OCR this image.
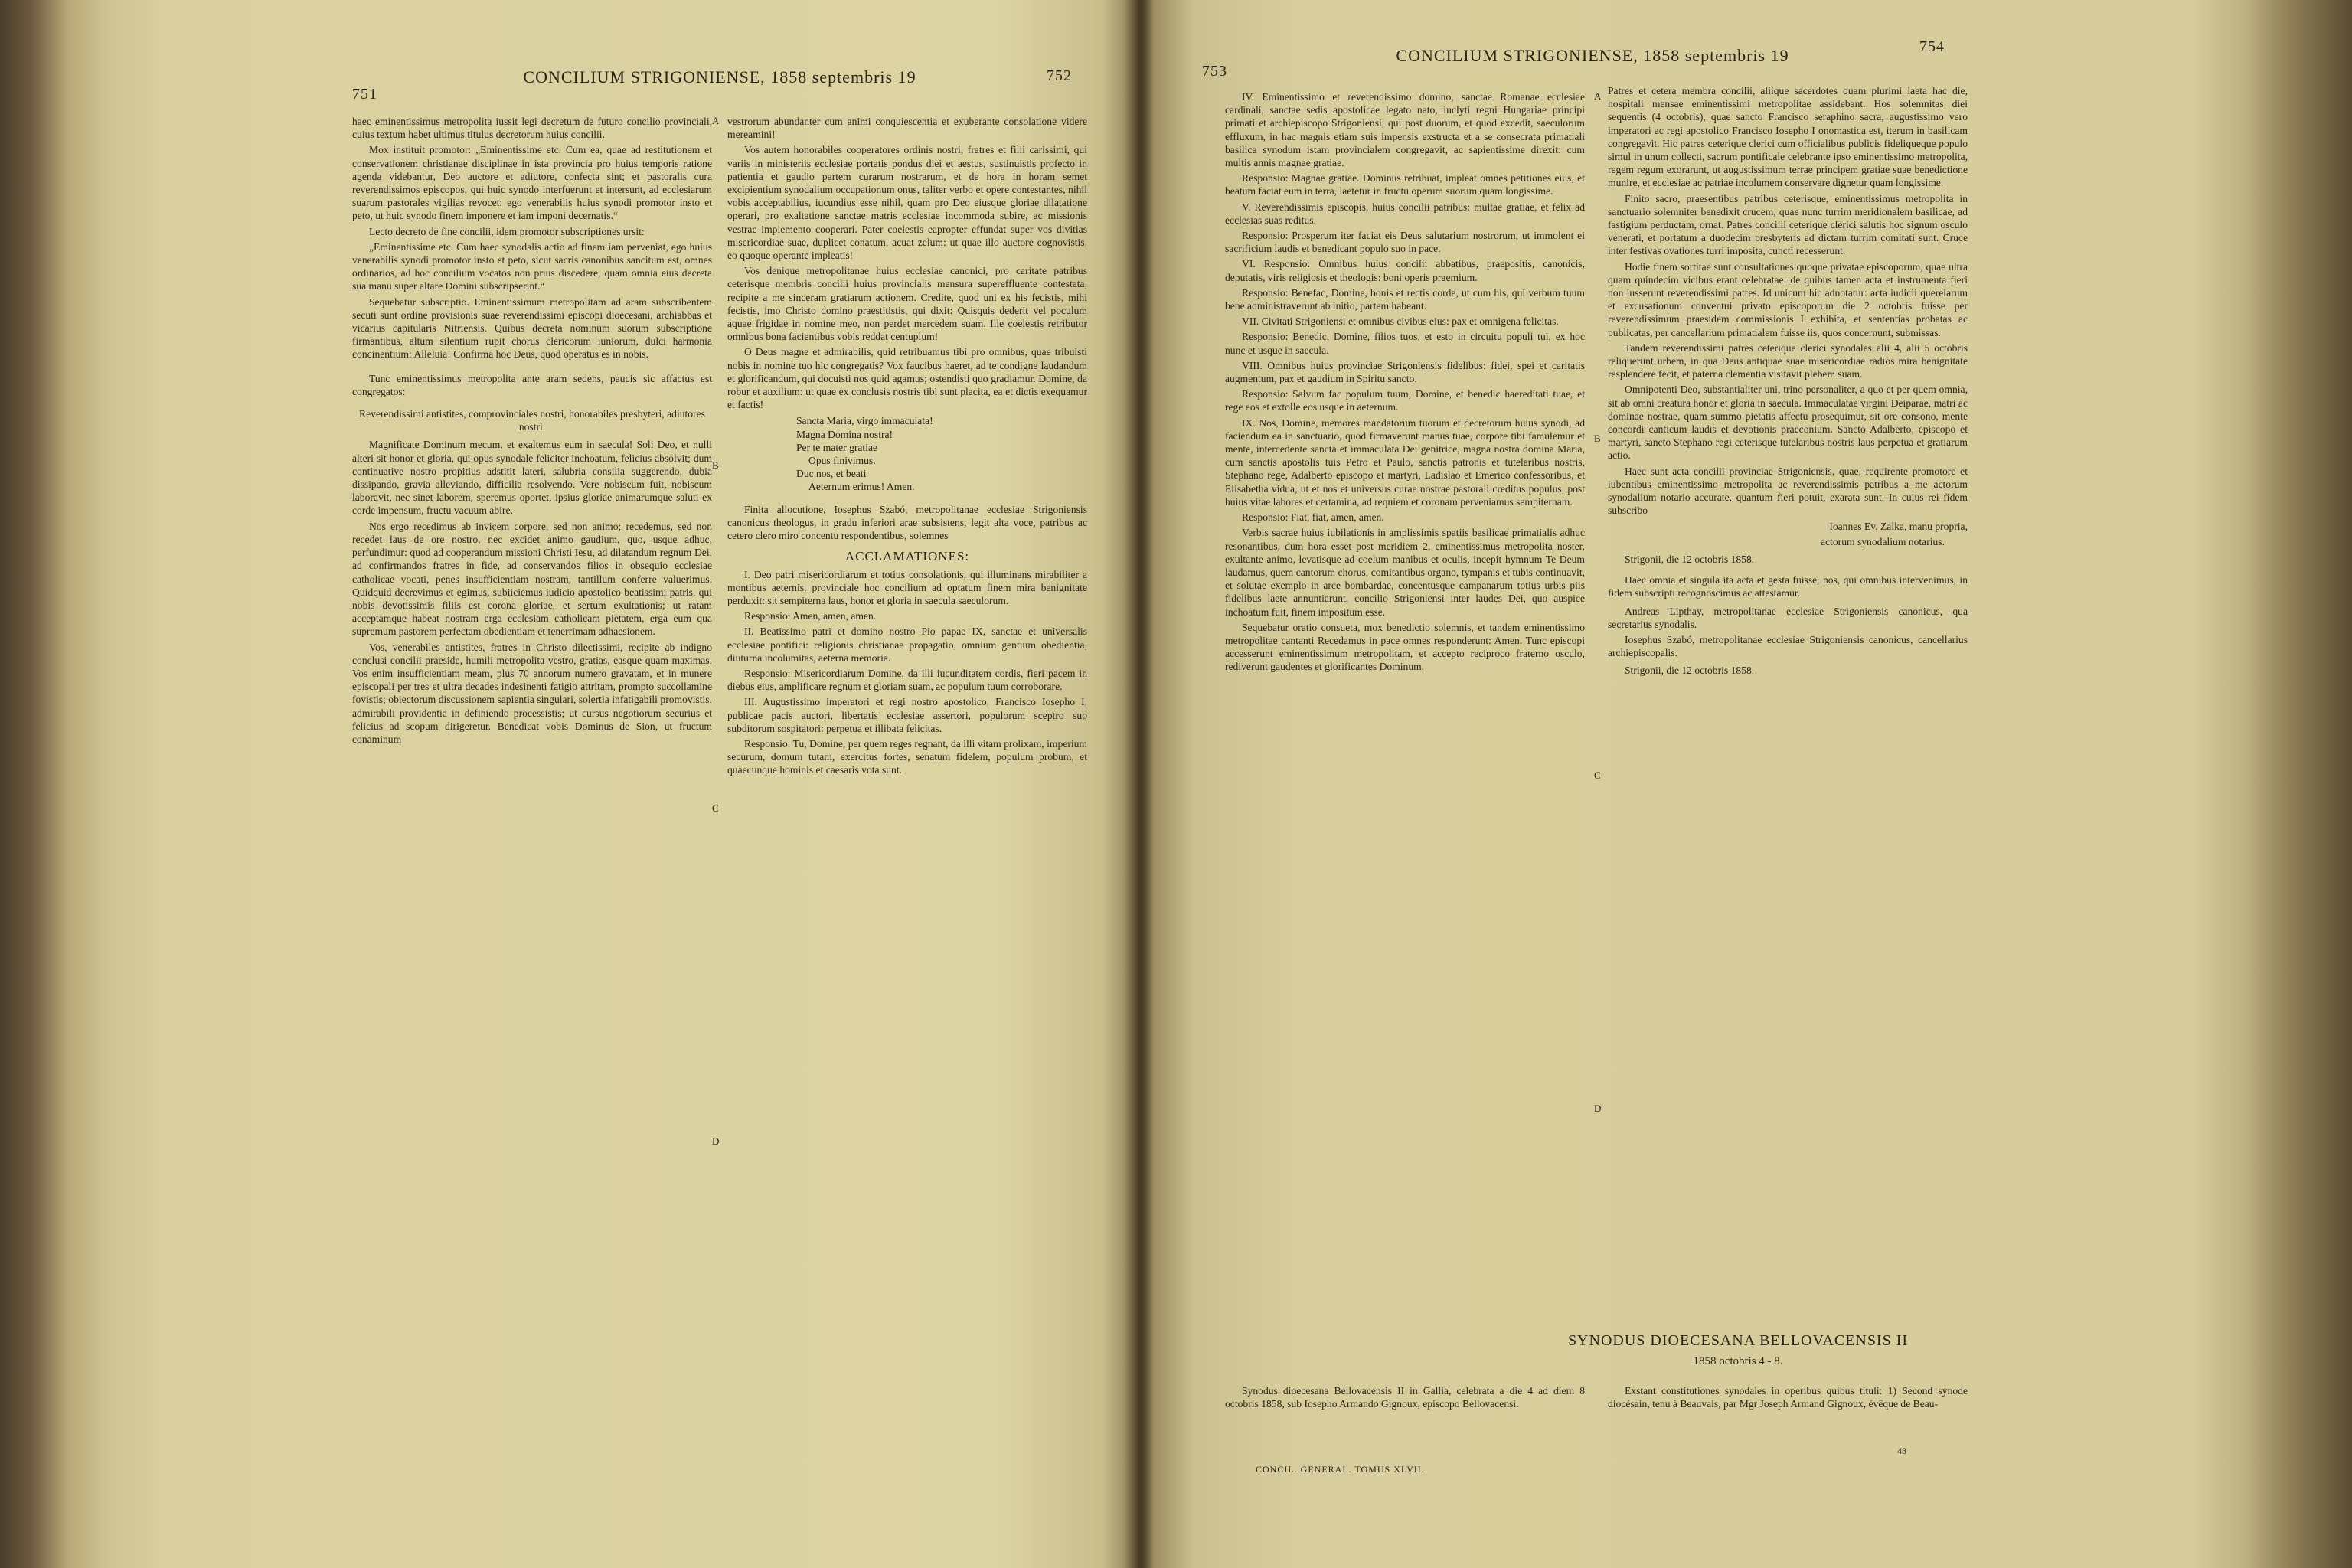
751
CONCILIUM STRIGONIENSE, 1858 septembris 19	752

haec eminentissimus metropolita iussit legi decretum de futuro concilio provinciali, cuius textum habet ultimus titulus decretorum huius concilii.

Mox instituit promotor: „Eminentissime etc. Cum ea, quae ad restitutionem et conservationem christianae disciplinae in ista provincia pro huius temporis ratione agenda videbantur, Deo auctore et adiutore, confecta sint; et pastoralis cura reverendissimos episcopos, qui huic synodo interfuerunt et intersunt, ad ecclesiarum suarum pastorales vigilias revocet: ego venerabilis huius synodi promotor insto et peto, ut huic synodo finem imponere et iam imponi decernatis.“

Lecto decreto de fine concilii, idem promotor subscriptiones ursit:

„Eminentissime etc. Cum haec synodalis actio ad finem iam perveniat, ego huius venerabilis synodi promotor insto et peto, sicut sacris canonibus sancitum est, omnes ordinarios, ad hoc concilium vocatos non prius discedere, quam omnia eius decreta sua manu super altare Domini subscripserint.“

Sequebatur subscriptio. Eminentissimum metropolitam ad aram subscribentem secuti sunt ordine provisionis suae reverendissimi episcopi dioecesani, archiabbas et vicarius capitularis Nitriensis. Quibus decreta nominum suorum subscriptione firmantibus, altum silentium rupit chorus clericorum iuniorum, dulci harmonia concinentium: Alleluia! Confirma hoc Deus, quod operatus es in nobis.

Tunc eminentissimus metropolita ante aram sedens, paucis sic affactus est congregatos:

Reverendissimi antistites, comprovinciales nostri, honorabiles presbyteri, adiutores nostri.

Magnificate Dominum mecum, et exaltemus eum in saecula! Soli Deo, et nulli alteri sit honor et gloria, qui opus synodale feliciter inchoatum, felicius absolvit; dum continuative nostro propitius adstitit lateri, salubria consilia suggerendo, dubia dissipando, gravia alleviando, difficilia resolvendo. Vere nobiscum fuit, nobiscum laboravit, nec sinet laborem, speremus oportet, ipsius gloriae animarumque saluti ex corde impensum, fructu vacuum abire.

Nos ergo recedimus ab invicem corpore, sed non animo; recedemus, sed non recedet laus de ore nostro, nec excidet animo gaudium, quo, usque adhuc, perfundimur: quod ad cooperandum missioni Christi Iesu, ad dilatandum regnum Dei, ad confirmandos fratres in fide, ad conservandos filios in obsequio ecclesiae catholicae vocati, penes insufficientiam nostram, tantillum conferre valuerimus. Quidquid decrevimus et egimus, subiiciemus iudicio apostolico beatissimi patris, qui nobis devotissimis filiis est corona gloriae, et sertum exultationis; ut ratam acceptamque habeat nostram erga ecclesiam catholicam pietatem, erga eum qua supremum pastorem perfectam obedientiam et tenerrimam adhaesionem.

Vos, venerabiles antistites, fratres in Christo dilectissimi, recipite ab indigno conclusi concilii praeside, humili metropolita vestro, gratias, easque quam maximas. Vos enim insufficientiam meam, plus 70 annorum numero gravatam, et in munere episcopali per tres et ultra decades indesinenti fatigio attritam, prompto succollamine fovistis; obiectorum discussionem sapientia singulari, solertia infatigabili promovistis, admirabili providentia in definiendo processistis; ut cursus negotiorum securius et felicius ad scopum dirigeretur. Benedicat vobis Dominus de Sion, ut fructum conaminum

vestrorum abundanter cum animi conquiescentia et exuberante consolatione videre mereamini!

Vos autem honorabiles cooperatores ordinis nostri, fratres et filii carissimi, qui variis in ministeriis ecclesiae portatis pondus diei et aestus, sustinuistis profecto in patientia et gaudio partem curarum nostrarum, et de hora in horam semet excipientium synodalium occupationum onus, taliter verbo et opere contestantes, nihil vobis acceptabilius, iucundius esse nihil, quam pro Deo eiusque gloriae dilatatione operari, pro exaltatione sanctae matris ecclesiae incommoda subire, ac missionis vestrae implemento cooperari. Pater coelestis eapropter effundat super vos divitias misericordiae suae, duplicet conatum, acuat zelum: ut quae illo auctore cognovistis, eo quoque operante impleatis!

Vos denique metropolitanae huius ecclesiae canonici, pro caritate patribus ceterisque membris concilii huius provincialis mensura supereffluente contestata, recipite a me sinceram gratiarum actionem. Credite, quod uni ex his fecistis, mihi fecistis, imo Christo domino praestitistis, qui dixit: Quisquis dederit vel poculum aquae frigidae in nomine meo, non perdet mercedem suam. Ille coelestis retributor omnibus bona facientibus vobis reddat centuplum!

O Deus magne et admirabilis, quid retribuamus tibi pro omnibus, quae tribuisti nobis in nomine tuo hic congregatis? Vox faucibus haeret, ad te condigne laudandum et glorificandum, qui docuisti nos quid agamus; ostendisti quo gradiamur. Domine, da robur et auxilium: ut quae ex conclusis nostris tibi sunt placita, ea et dictis exequamur et factis!

Sancta Maria, virgo immaculata!
Magna Domina nostra!
Per te mater gratiae
Opus finivimus.
Duc nos, et beati
Aeternum erimus! Amen.

Finita allocutione, Iosephus Szabó, metropolitanae ecclesiae Strigoniensis canonicus theologus, in gradu inferiori arae subsistens, legit alta voce, patribus ac cetero clero miro concentu respondentibus, solemnes

ACCLAMATIONES:

I. Deo patri misericordiarum et totius consolationis, qui illuminans mirabiliter a montibus aeternis, provinciale hoc concilium ad optatum finem mira benignitate perduxit: sit sempiterna laus, honor et gloria in saecula saeculorum.

Responsio: Amen, amen, amen.

II. Beatissimo patri et domino nostro Pio papae IX, sanctae et universalis ecclesiae pontifici: religionis christianae propagatio, omnium gentium obedientia, diuturna incolumitas, aeterna memoria.

Responsio: Misericordiarum Domine, da illi iucunditatem cordis, fieri pacem in diebus eius, amplificare regnum et gloriam suam, ac populum tuum corroborare.

III. Augustissimo imperatori et regi nostro apostolico, Francisco Iosepho I, publicae pacis auctori, libertatis ecclesiae assertori, populorum sceptro suo subditorum sospitatori: perpetua et illibata felicitas.

Responsio: Tu, Domine, per quem reges regnant, da illi vitam prolixam, imperium securum, domum tutam, exercitus fortes, senatum fidelem, populum probum, et quaecunque hominis et caesaris vota sunt.

A
B
C
D
753
CONCILIUM STRIGONIENSE, 1858 septembris 19	754

IV. Eminentissimo et reverendissimo domino, sanctae Romanae ecclesiae cardinali, sanctae sedis apostolicae legato nato, inclyti regni Hungariae principi primati et archiepiscopo Strigoniensi, qui post duorum, et quod excedit, saeculorum effluxum, in hac magnis etiam suis impensis exstructa et a se consecrata primatiali basilica synodum istam provincialem congregavit, ac sapientissime direxit: cum multis annis magnae gratiae.

Responsio: Magnae gratiae. Dominus retribuat, impleat omnes petitiones eius, et beatum faciat eum in terra, laetetur in fructu operum suorum quam longissime.

V. Reverendissimis episcopis, huius concilii patribus: multae gratiae, et felix ad ecclesias suas reditus.

Responsio: Prosperum iter faciat eis Deus salutarium nostrorum, ut immolent ei sacrificium laudis et benedicant populo suo in pace.

VI. Responsio: Omnibus huius concilii abbatibus, praepositis, canonicis, deputatis, viris religiosis et theologis: boni operis praemium.

Responsio: Benefac, Domine, bonis et rectis corde, ut cum his, qui verbum tuum bene administraverunt ab initio, partem habeant.

VII. Civitati Strigoniensi et omnibus civibus eius: pax et omnigena felicitas.

Responsio: Benedic, Domine, filios tuos, et esto in circuitu populi tui, ex hoc nunc et usque in saecula.

VIII. Omnibus huius provinciae Strigoniensis fidelibus: fidei, spei et caritatis augmentum, pax et gaudium in Spiritu sancto.

Responsio: Salvum fac populum tuum, Domine, et benedic haereditati tuae, et rege eos et extolle eos usque in aeternum.

IX. Nos, Domine, memores mandatorum tuorum et decretorum huius synodi, ad faciendum ea in sanctuario, quod firmaverunt manus tuae, corpore tibi famulemur et mente, intercedente sancta et immaculata Dei genitrice, magna nostra domina Maria, cum sanctis apostolis tuis Petro et Paulo, sanctis patronis et tutelaribus nostris, Stephano rege, Adalberto episcopo et martyri, Ladislao et Emerico confessoribus, et Elisabetha vidua, ut et nos et universus curae nostrae pastorali creditus populus, post huius vitae labores et certamina, ad requiem et coronam perveniamus sempiternam.

Responsio: Fiat, fiat, amen, amen.

Verbis sacrae huius iubilationis in amplissimis spatiis basilicae primatialis adhuc resonantibus, dum hora esset post meridiem 2, eminentissimus metropolita noster, exultante animo, levatisque ad coelum manibus et oculis, incepit hymnum Te Deum laudamus, quem cantorum chorus, comitantibus organo, tympanis et tubis continuavit, et solutae exemplo in arce bombardae, concentusque campanarum totius urbis piis fidelibus laete annuntiarunt, concilio Strigoniensi inter laudes Dei, quo auspice inchoatum fuit, finem impositum esse.

Sequebatur oratio consueta, mox benedictio solemnis, et tandem eminentissimo metropolitae cantanti Recedamus in pace omnes responderunt: Amen. Tunc episcopi accesserunt eminentissimum metropolitam, et accepto reciproco fraterno osculo, rediverunt gaudentes et glorificantes Dominum.

Patres et cetera membra concilii, aliique sacerdotes quam plurimi laeta hac die, hospitali mensae eminentissimi metropolitae assidebant. Hos solemnitas diei sequentis (4 octobris), quae sancto Francisco seraphino sacra, augustissimo vero imperatori ac regi apostolico Francisco Iosepho I onomastica est, iterum in basilicam congregavit. Hic patres ceterique clerici cum officialibus publicis fideliqueque populo simul in unum collecti, sacrum pontificale celebrante ipso eminentissimo metropolita, regem regum exorarunt, ut augustissimum terrae principem gratiae suae benedictione munire, et ecclesiae ac patriae incolumem conservare dignetur quam longissime.

Finito sacro, praesentibus patribus ceterisque, eminentissimus metropolita in sanctuario solemniter benedixit crucem, quae nunc turrim meridionalem basilicae, ad fastigium perductam, ornat. Patres concilii ceterique clerici salutis hoc signum osculo venerati, et portatum a duodecim presbyteris ad dictam turrim comitati sunt. Cruce inter festivas ovationes turri imposita, cuncti recesserunt.

Hodie finem sortitae sunt consultationes quoque privatae episcoporum, quae ultra quam quindecim vicibus erant celebratae: de quibus tamen acta et instrumenta fieri non iusserunt reverendissimi patres. Id unicum hic adnotatur: acta iudicii querelarum et excusationum conventui privato episcoporum die 2 octobris fuisse per reverendissimum praesidem commissionis I exhibita, et sententias probatas ac publicatas, per cancellarium primatialem fuisse iis, quos concernunt, submissas.

Tandem reverendissimi patres ceterique clerici synodales alii 4, alii 5 octobris reliquerunt urbem, in qua Deus antiquae suae misericordiae radios mira benignitate resplendere fecit, et paterna clementia visitavit plebem suam.

Omnipotenti Deo, substantialiter uni, trino personaliter, a quo et per quem omnia, sit ab omni creatura honor et gloria in saecula. Immaculatae virgini Deiparae, matri ac dominae nostrae, quam summo pietatis affectu prosequimur, sit ore consono, mente concordi canticum laudis et devotionis praeconium. Sancto Adalberto, episcopo et martyri, sancto Stephano regi ceterisque tutelaribus nostris laus perpetua et gratiarum actio.

Haec sunt acta concilii provinciae Strigoniensis, quae, requirente promotore et iubentibus eminentissimo metropolita ac reverendissimis patribus a me actorum synodalium notario accurate, quantum fieri potuit, exarata sunt. In cuius rei fidem subscribo

Ioannes Ev. Zalka, manu propria,

actorum synodalium notarius.

Strigonii, die 12 octobris 1858.

Haec omnia et singula ita acta et gesta fuisse, nos, qui omnibus intervenimus, in fidem subscripti recognoscimus ac attestamur.

Andreas Lipthay, metropolitanae ecclesiae Strigoniensis canonicus, qua secretarius synodalis.

Iosephus Szabó, metropolitanae ecclesiae Strigoniensis canonicus, cancellarius archiepiscopalis.

Strigonii, die 12 octobris 1858.

A
B
C
D
SYNODUS DIOECESANA BELLOVACENSIS II
1858 octobris 4 - 8.

Synodus dioecesana Bellovacensis II in Gallia, celebrata a die 4 ad diem 8 octobris 1858, sub Iosepho Armando Gignoux, episcopo Bellovacensi.

Exstant constitutiones synodales in operibus quibus tituli: 1) Second synode diocésain, tenu à Beauvais, par Mgr Joseph Armand Gignoux, évêque de Beau-

CONCIL. GENERAL. TOMUS XLVII.
48
